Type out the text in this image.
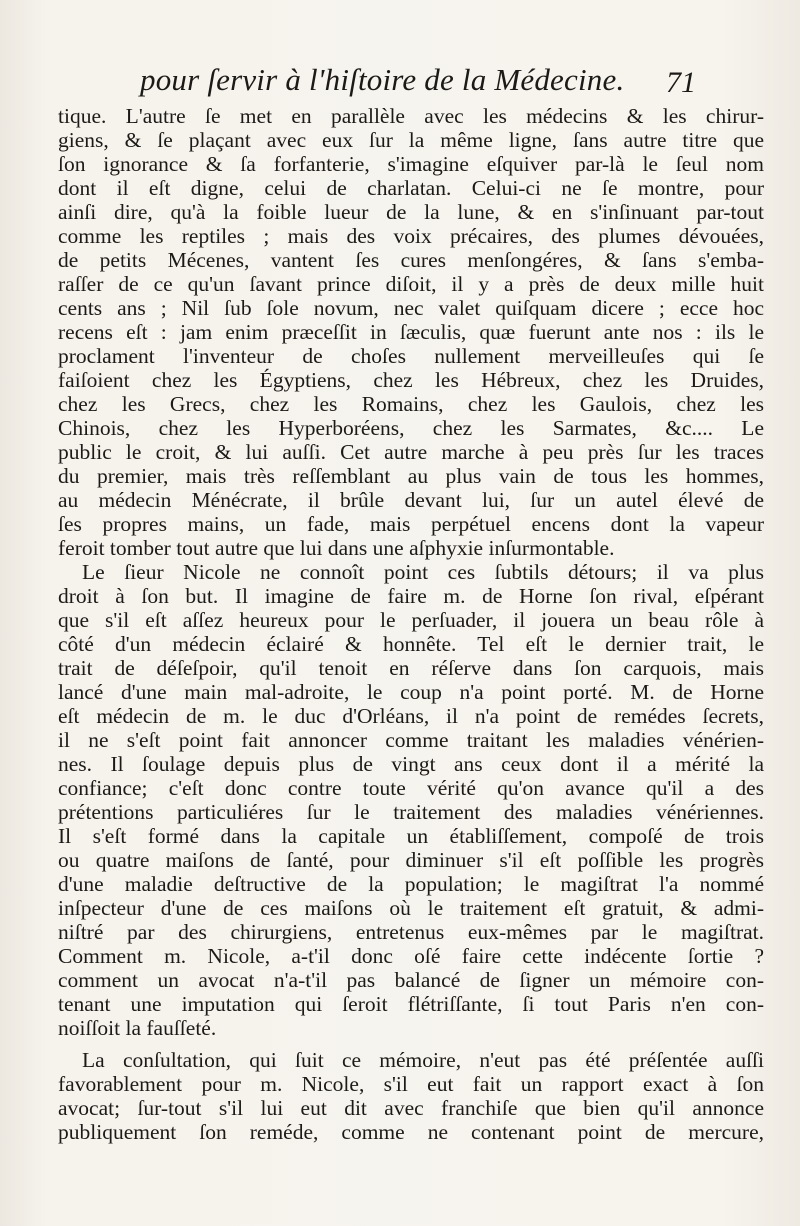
pour ſervir à l'hiſtoire de la Médecine. 71
tique. L'autre ſe met en parallèle avec les médecins & les chirur-
giens, & ſe plaçant avec eux ſur la même ligne, ſans autre titre que
ſon ignorance & ſa forfanterie, s'imagine eſquiver par-là le ſeul nom
dont il eſt digne, celui de charlatan. Celui-ci ne ſe montre, pour
ainſi dire, qu'à la foible lueur de la lune, & en s'inſinuant par-tout
comme les reptiles ; mais des voix précaires, des plumes dévouées,
de petits Mécenes, vantent ſes cures menſongéres, & ſans s'emba-
raſſer de ce qu'un ſavant prince diſoit, il y a près de deux mille huit
cents ans ; Nil ſub ſole novum, nec valet quiſquam dicere ; ecce hoc
recens eſt : jam enim præceſſit in ſæculis, quæ fuerunt ante nos : ils le
proclament l'inventeur de choſes nullement merveilleuſes qui ſe
faiſoient chez les Égyptiens, chez les Hébreux, chez les Druides,
chez les Grecs, chez les Romains, chez les Gaulois, chez les
Chinois, chez les Hyperboréens, chez les Sarmates, &c.... Le
public le croit, & lui auſſi. Cet autre marche à peu près ſur les traces
du premier, mais très reſſemblant au plus vain de tous les hommes,
au médecin Ménécrate, il brûle devant lui, ſur un autel élevé de
ſes propres mains, un fade, mais perpétuel encens dont la vapeur
feroit tomber tout autre que lui dans une aſphyxie inſurmontable.
Le ſieur Nicole ne connoît point ces ſubtils détours; il va plus
droit à ſon but. Il imagine de faire m. de Horne ſon rival, eſpérant
que s'il eſt aſſez heureux pour le perſuader, il jouera un beau rôle à
côté d'un médecin éclairé & honnête. Tel eſt le dernier trait, le
trait de déſeſpoir, qu'il tenoit en réſerve dans ſon carquois, mais
lancé d'une main mal-adroite, le coup n'a point porté. M. de Horne
eſt médecin de m. le duc d'Orléans, il n'a point de remédes ſecrets,
il ne s'eſt point fait annoncer comme traitant les maladies vénérien-
nes. Il ſoulage depuis plus de vingt ans ceux dont il a mérité la
confiance; c'eſt donc contre toute vérité qu'on avance qu'il a des
prétentions particuliéres ſur le traitement des maladies vénériennes.
Il s'eſt formé dans la capitale un établiſſement, compoſé de trois
ou quatre maiſons de ſanté, pour diminuer s'il eſt poſſible les progrès
d'une maladie deſtructive de la population; le magiſtrat l'a nommé
inſpecteur d'une de ces maiſons où le traitement eſt gratuit, & admi-
niſtré par des chirurgiens, entretenus eux-mêmes par le magiſtrat.
Comment m. Nicole, a-t'il donc oſé faire cette indécente ſortie ?
comment un avocat n'a-t'il pas balancé de ſigner un mémoire con-
tenant une imputation qui ſeroit flétriſſante, ſi tout Paris n'en con-
noiſſoit la fauſſeté.
La conſultation, qui ſuit ce mémoire, n'eut pas été préſentée auſſi
favorablement pour m. Nicole, s'il eut fait un rapport exact à ſon
avocat; ſur-tout s'il lui eut dit avec franchiſe que bien qu'il annonce
publiquement ſon reméde, comme ne contenant point de mercure,
